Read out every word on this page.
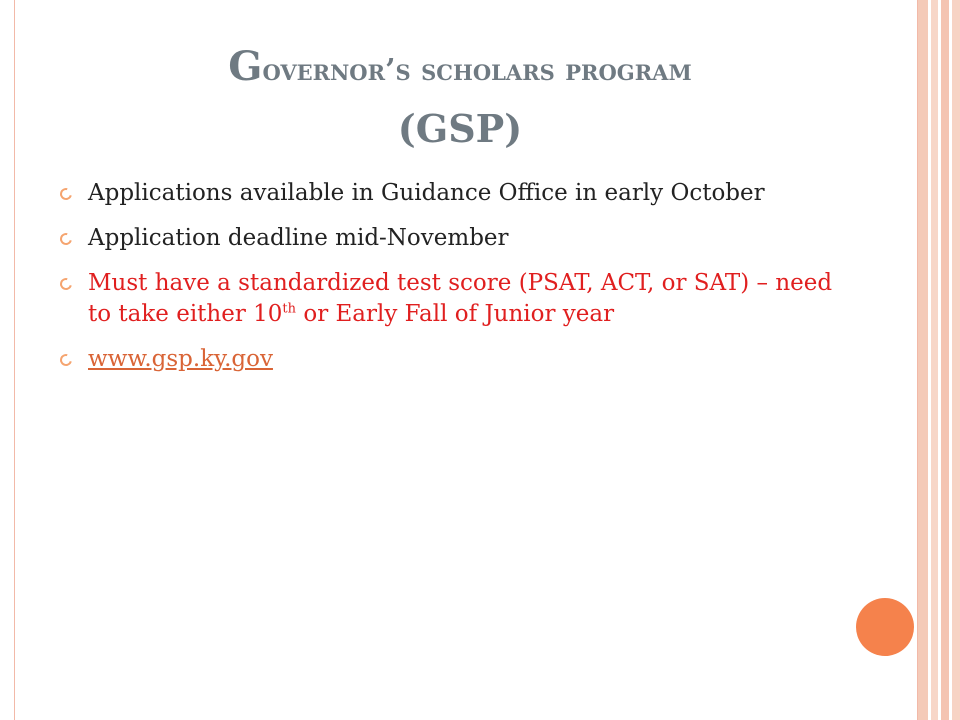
Governor’s scholars program
(GSP)
Applications available in Guidance Office in early October
Application deadline mid-November
Must have a standardized test score (PSAT, ACT, or SAT) – need to take either 10th or Early Fall of Junior year
www.gsp.ky.gov
